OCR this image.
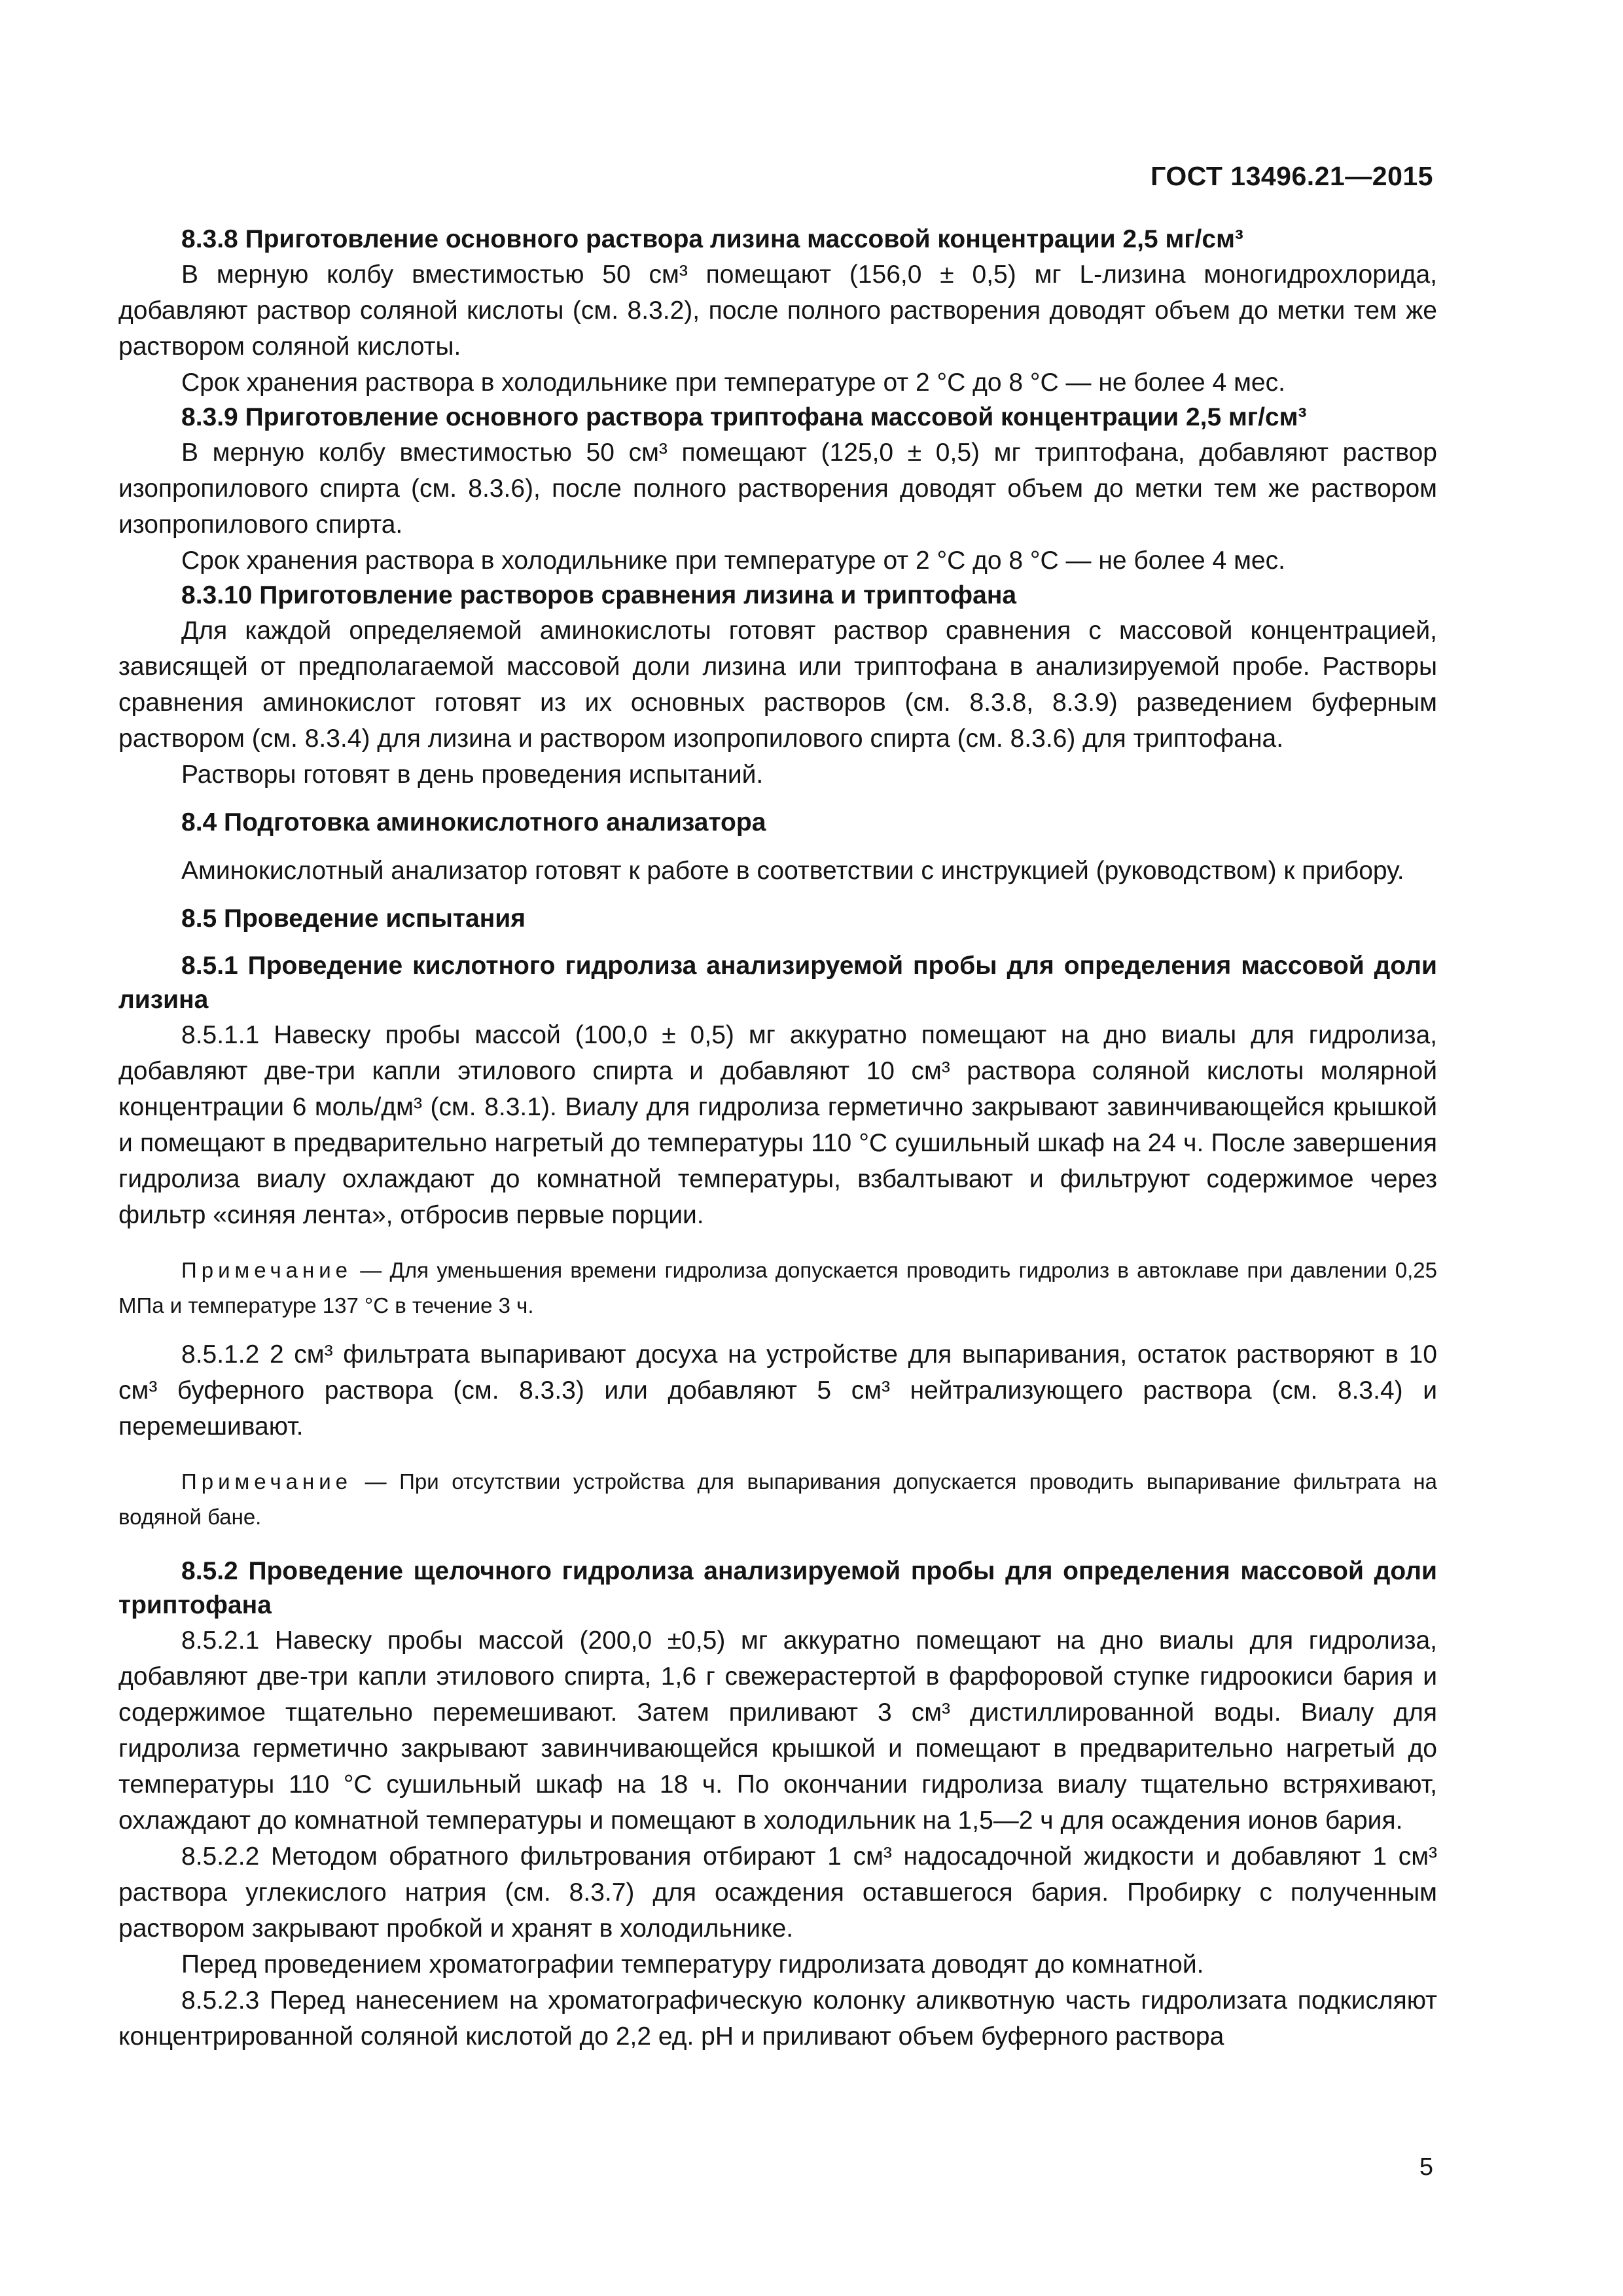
ГОСТ 13496.21—2015

8.3.8 Приготовление основного раствора лизина массовой концентрации 2,5 мг/см³

В мерную колбу вместимостью 50 см³ помещают (156,0 ± 0,5) мг L-лизина моногидрохлорида, добавляют раствор соляной кислоты (см. 8.3.2), после полного растворения доводят объем до метки тем же раствором соляной кислоты.

Срок хранения раствора в холодильнике при температуре от 2 °С до 8 °С — не более 4 мес.

8.3.9 Приготовление основного раствора триптофана массовой концентрации 2,5 мг/см³

В мерную колбу вместимостью 50 см³ помещают (125,0 ± 0,5) мг триптофана, добавляют раствор изопропилового спирта (см. 8.3.6), после полного растворения доводят объем до метки тем же раствором изопропилового спирта.

Срок хранения раствора в холодильнике при температуре от 2 °С до 8 °С — не более 4 мес.

8.3.10 Приготовление растворов сравнения лизина и триптофана

Для каждой определяемой аминокислоты готовят раствор сравнения с массовой концентрацией, зависящей от предполагаемой массовой доли лизина или триптофана в анализируемой пробе. Растворы сравнения аминокислот готовят из их основных растворов (см. 8.3.8, 8.3.9) разведением буферным раствором (см. 8.3.4) для лизина и раствором изопропилового спирта (см. 8.3.6) для триптофана.

Растворы готовят в день проведения испытаний.

8.4 Подготовка аминокислотного анализатора

Аминокислотный анализатор готовят к работе в соответствии с инструкцией (руководством) к прибору.

8.5 Проведение испытания

8.5.1 Проведение кислотного гидролиза анализируемой пробы для определения массовой доли лизина

8.5.1.1 Навеску пробы массой (100,0 ± 0,5) мг аккуратно помещают на дно виалы для гидролиза, добавляют две-три капли этилового спирта и добавляют 10 см³ раствора соляной кислоты молярной концентрации 6 моль/дм³ (см. 8.3.1). Виалу для гидролиза герметично закрывают завинчивающейся крышкой и помещают в предварительно нагретый до температуры 110 °С сушильный шкаф на 24 ч. После завершения гидролиза виалу охлаждают до комнатной температуры, взбалтывают и фильтруют содержимое через фильтр «синяя лента», отбросив первые порции.

Примечание — Для уменьшения времени гидролиза допускается проводить гидролиз в автоклаве при давлении 0,25 МПа и температуре 137 °С в течение 3 ч.

8.5.1.2 2 см³ фильтрата выпаривают досуха на устройстве для выпаривания, остаток растворяют в 10 см³ буферного раствора (см. 8.3.3) или добавляют 5 см³ нейтрализующего раствора (см. 8.3.4) и перемешивают.

Примечание — При отсутствии устройства для выпаривания допускается проводить выпаривание фильтрата на водяной бане.

8.5.2 Проведение щелочного гидролиза анализируемой пробы для определения массовой доли триптофана

8.5.2.1 Навеску пробы массой (200,0 ±0,5) мг аккуратно помещают на дно виалы для гидролиза, добавляют две-три капли этилового спирта, 1,6 г свежерастертой в фарфоровой ступке гидроокиси бария и содержимое тщательно перемешивают. Затем приливают 3 см³ дистиллированной воды. Виалу для гидролиза герметично закрывают завинчивающейся крышкой и помещают в предварительно нагретый до температуры 110 °С сушильный шкаф на 18 ч. По окончании гидролиза виалу тщательно встряхивают, охлаждают до комнатной температуры и помещают в холодильник на 1,5—2 ч для осаждения ионов бария.

8.5.2.2 Методом обратного фильтрования отбирают 1 см³ надосадочной жидкости и добавляют 1 см³ раствора углекислого натрия (см. 8.3.7) для осаждения оставшегося бария. Пробирку с полученным раствором закрывают пробкой и хранят в холодильнике.

Перед проведением хроматографии температуру гидролизата доводят до комнатной.

8.5.2.3 Перед нанесением на хроматографическую колонку аликвотную часть гидролизата подкисляют концентрированной соляной кислотой до 2,2 ед. pH и приливают объем буферного раствора

5
